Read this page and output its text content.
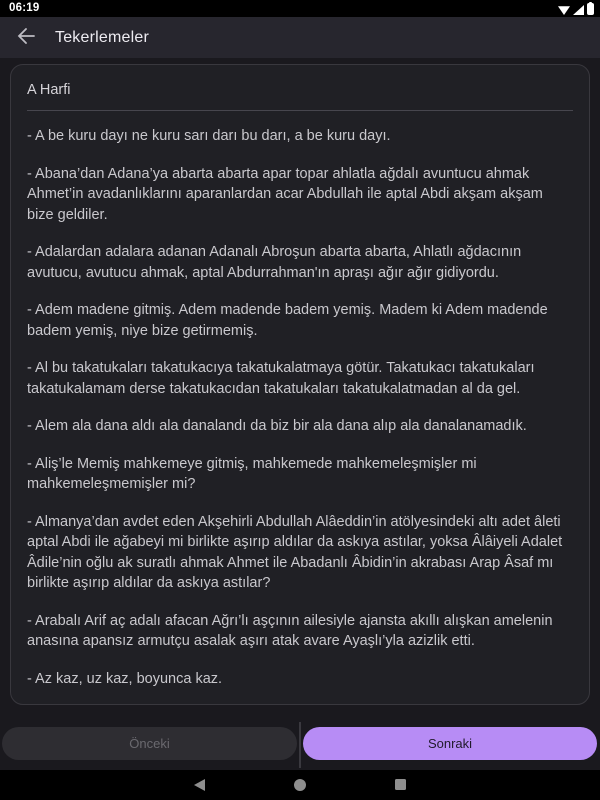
06:19
Tekerlemeler
A Harfi

- A be kuru dayı ne kuru sarı darı bu darı, a be kuru dayı.

- Abana’dan Adana’ya abarta abarta apar topar ahlatla ağdalı avuntucu ahmak Ahmet’in avadanlıklarını aparanlardan acar Abdullah ile aptal Abdi akşam akşam bize geldiler.

- Adalardan adalara adanan Adanalı Abroşun abarta abarta, Ahlatlı ağdacının avutucu, avutucu ahmak, aptal Abdurrahman'ın apraşı ağır ağır gidiyordu.

- Adem madene gitmiş. Adem madende badem yemiş. Madem ki Adem madende badem yemiş, niye bize getirmemiş.

- Al bu takatukaları takatukacıya takatukalatmaya götür. Takatukacı takatukaları takatukalamam derse takatukacıdan takatukaları takatukalatmadan al da gel.

- Alem ala dana aldı ala danalandı da biz bir ala dana alıp ala danalanamadık.

- Aliş’le Memiş mahkemeye gitmiş, mahkemede mahkemeleşmişler mi mahkemeleşmemişler mi?

- Almanya’dan avdet eden Akşehirli Abdullah Alâeddin’in atölyesindeki altı adet âleti aptal Abdi ile ağabeyi mi birlikte aşırıp aldılar da askıya astılar, yoksa Âlâiyeli Adalet Âdile’nin oğlu ak suratlı ahmak Ahmet ile Abadanlı Âbidin’in akrabası Arap Âsaf mı birlikte aşırıp aldılar da askıya astılar?

- Arabalı Arif aç adalı afacan Ağrı’lı aşçının ailesiyle ajansta akıllı alışkan amelenin anasına apansız armutçu asalak aşırı atak avare Ayaşlı’yla azizlik etti.

- Az kaz, uz kaz, boyunca kaz.

Önceki	Sonraki
